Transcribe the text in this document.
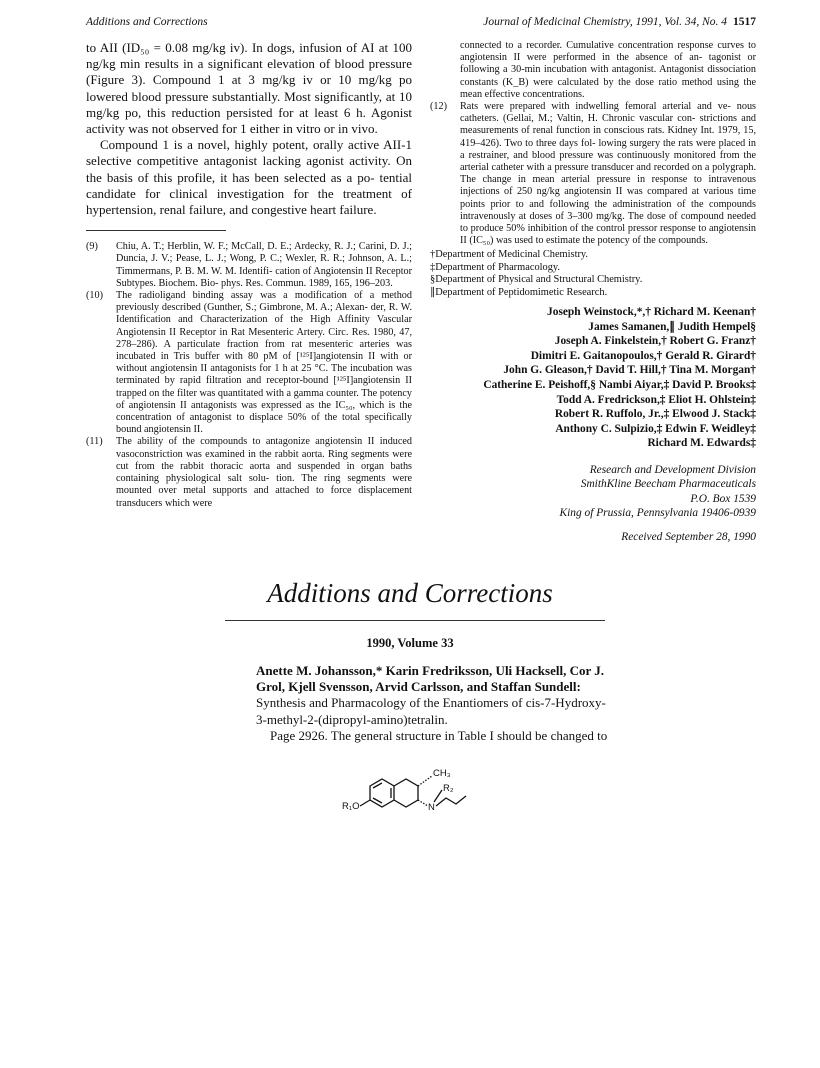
Additions and Corrections	Journal of Medicinal Chemistry, 1991, Vol. 34, No. 4 1517

to AII (ID₅₀ = 0.08 mg/kg iv). In dogs, infusion of AI at 100 ng/kg min results in a significant elevation of blood pressure (Figure 3). Compound 1 at 3 mg/kg iv or 10 mg/kg po lowered blood pressure substantially. Most significantly, at 10 mg/kg po, this reduction persisted for at least 6 h. Agonist activity was not observed for 1 either in vitro or in vivo.

Compound 1 is a novel, highly potent, orally active AII-1 selective competitive antagonist lacking agonist activity. On the basis of this profile, it has been selected as a po- tential candidate for clinical investigation for the treatment of hypertension, renal failure, and congestive heart failure.

(9)	Chiu, A. T.; Herblin, W. F.; McCall, D. E.; Ardecky, R. J.; Carini, D. J.; Duncia, J. V.; Pease, L. J.; Wong, P. C.; Wexler, R. R.; Johnson, A. L.; Timmermans, P. B. M. W. M. Identifi- cation of Angiotensin II Receptor Subtypes. Biochem. Bio- phys. Res. Commun. 1989, 165, 196–203.
(10)	The radioligand binding assay was a modification of a method previously described (Gunther, S.; Gimbrone, M. A.; Alexan- der, R. W. Identification and Characterization of the High Affinity Vascular Angiotensin II Receptor in Rat Mesenteric Artery. Circ. Res. 1980, 47, 278–286). A particulate fraction from rat mesenteric arteries was incubated in Tris buffer with 80 pM of [¹²⁵I]angiotensin II with or without angiotensin II antagonists for 1 h at 25 °C. The incubation was terminated by rapid filtration and receptor-bound [¹²⁵I]angiotensin II trapped on the filter was quantitated with a gamma counter. The potency of angiotensin II antagonists was expressed as the IC₅₀, which is the concentration of antagonist to displace 50% of the total specifically bound angiotensin II.
(11)	The ability of the compounds to antagonize angiotensin II induced vasoconstriction was examined in the rabbit aorta. Ring segments were cut from the rabbit thoracic aorta and suspended in organ baths containing physiological salt solu- tion. The ring segments were mounted over metal supports and attached to force displacement transducers which were
connected to a recorder. Cumulative concentration response curves to angiotensin II were performed in the absence of an- tagonist or following a 30-min incubation with antagonist. Antagonist dissociation constants (K_B) were calculated by the dose ratio method using the mean effective concentrations.
(12)	Rats were prepared with indwelling femoral arterial and ve- nous catheters. (Gellai, M.; Valtin, H. Chronic vascular con- strictions and measurements of renal function in conscious rats. Kidney Int. 1979, 15, 419–426). Two to three days fol- lowing surgery the rats were placed in a restrainer, and blood pressure was continuously monitored from the arterial catheter with a pressure transducer and recorded on a polygraph. The change in mean arterial pressure in response to intravenous injections of 250 ng/kg angiotensin II was compared at various time points prior to and following the administration of the compounds intravenously at doses of 3–300 mg/kg. The dose of compound needed to produce 50% inhibition of the control pressor response to angiotensin II (IC₅₀) was used to estimate the potency of the compounds.
†Department of Medicinal Chemistry.
‡Department of Pharmacology.
§Department of Physical and Structural Chemistry.
∥Department of Peptidomimetic Research.
Joseph Weinstock,*,† Richard M. Keenan†
James Samanen,∥ Judith Hempel§
Joseph A. Finkelstein,† Robert G. Franz†
Dimitri E. Gaitanopoulos,† Gerald R. Girard†
John G. Gleason,† David T. Hill,† Tina M. Morgan†
Catherine E. Peishoff,§ Nambi Aiyar,‡ David P. Brooks‡
Todd A. Fredrickson,‡ Eliot H. Ohlstein‡
Robert R. Ruffolo, Jr.,‡ Elwood J. Stack‡
Anthony C. Sulpizio,‡ Edwin F. Weidley‡
Richard M. Edwards‡
Research and Development Division
SmithKline Beecham Pharmaceuticals
P.O. Box 1539
King of Prussia, Pennsylvania 19406-0939
Received September 28, 1990
Additions and Corrections
1990, Volume 33
Anette M. Johansson,* Karin Fredriksson, Uli Hacksell, Cor J. Grol, Kjell Svensson, Arvid Carlsson, and Staffan Sundell: Synthesis and Pharmacology of the Enantiomers of cis-7-Hydroxy-3-methyl-2-(dipropyl-amino)tetralin.

Page 2926. The general structure in Table I should be changed to

R₁O
CH₃
R₂
N
